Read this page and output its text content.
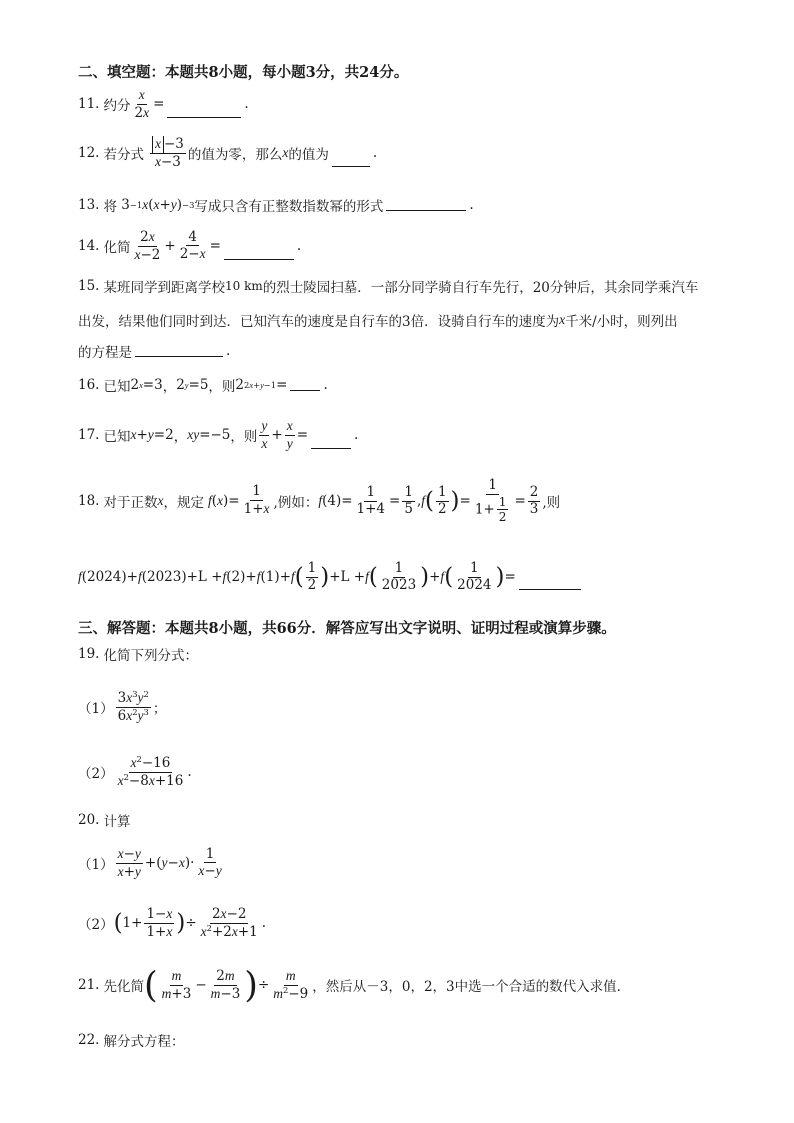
二、填空题：本题共8小题，每小题3分，共24分。
11. 约分 $\frac{x}{2x}$ =	.
12. 若分式
x −3
x−3 的值为零，那么 x 的值为	.
13. 将 3 −1 x ( x + y ) −3 写成只含有正整数指数幂的形式	.
14. 化简
2x
x−2
+ $\frac{4}{2-x}$ =	.
15. 某班同学到距离学校 10 km 的烈士陵园扫墓．一部分同学骑自行车先行，20分钟后，其余同学乘汽车
出发，结果他们同时到达．已知汽车的速度是自行车的3倍．设骑自行车的速度为 x 千米/小时，则列出
的方程是	.
16. 已知 2 x =3 ， 2 y =5 ，则 2 2x+y−1 =	.
17. 已知 x + y =2 ， xy =−5 ，则
y
$x + \frac{x}{y}$ =	.
18. 对于正数 x ，规定 f ( x )=
1
1+x ,例如： f (4)=
1
1+4 =
1
5 , f ( 1
2 ) =
1
$1+ \frac{1}{2}$ =
2
3 ,则
f (2024)+ f (2023)+L + f (2)+ f (1)+ f ( 1
2 ) +L + f ( 1
2023 ) + f ( 1
2024 ) =
三、解答题：本题共8小题，共66分．解答应写出文字说明、证明过程或演算步骤。
19. 化简下列分式：
（1）
$3x^3y^2$
$6x^2y^3$ ；
（2）
$x^2-16$
$x^2-8x+16$
.
20. 计算
（1）
x−y
x+y +( y − x )·
1
x−y
（2） ( 1+
1−x
1+x ) ÷
2x−2
$x^2+2x+1$
.
21. 先化简 ( m
m+3
−
2m
m−3 ) ÷
m
$m^2-9$ ，然后从－3，0，2，3中选一个合适的数代入求值．
22. 解分式方程：
